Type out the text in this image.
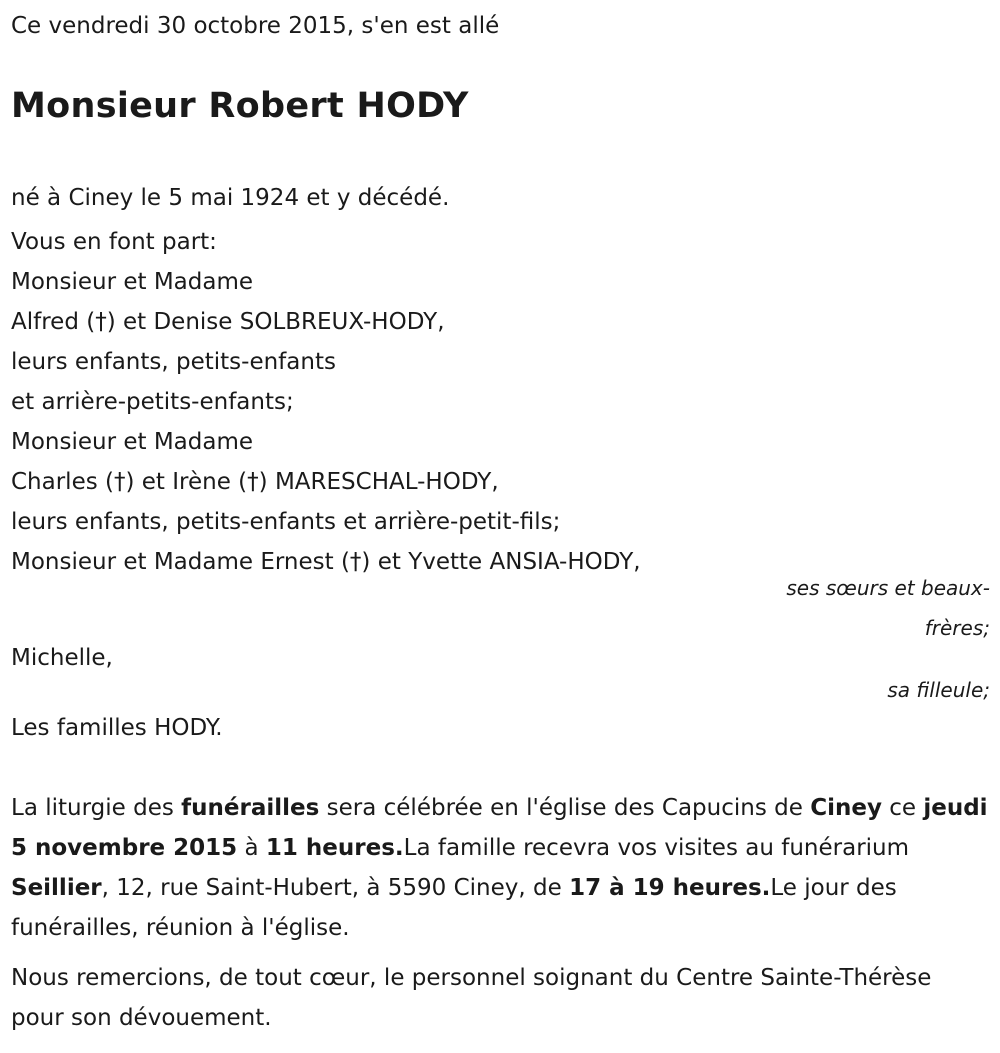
Ce vendredi 30 octobre 2015, s'en est allé

Monsieur Robert HODY
né à Ciney le 5 mai 1924 et y décédé.
Vous en font part:
Monsieur et Madame
Alfred (†) et Denise SOLBREUX-HODY,
leurs enfants, petits-enfants
et arrière-petits-enfants;
Monsieur et Madame
Charles (†) et Irène (†) MARESCHAL-HODY,
leurs enfants, petits-enfants et arrière-petit-fils;
Monsieur et Madame Ernest (†) et Yvette ANSIA-HODY,
ses sœurs et beaux-frères;
Michelle,
sa filleule;
Les familles HODY.

La liturgie des funérailles sera célébrée en l'église des Capucins de Ciney ce jeudi 5 novembre 2015 à 11 heures.La famille recevra vos visites au funérarium Seillier, 12, rue Saint-Hubert, à 5590 Ciney, de 17 à 19 heures.Le jour des funérailles, réunion à l'église.

Nous remercions, de tout cœur, le personnel soignant du Centre Sainte-Thérèse pour son dévouement.
